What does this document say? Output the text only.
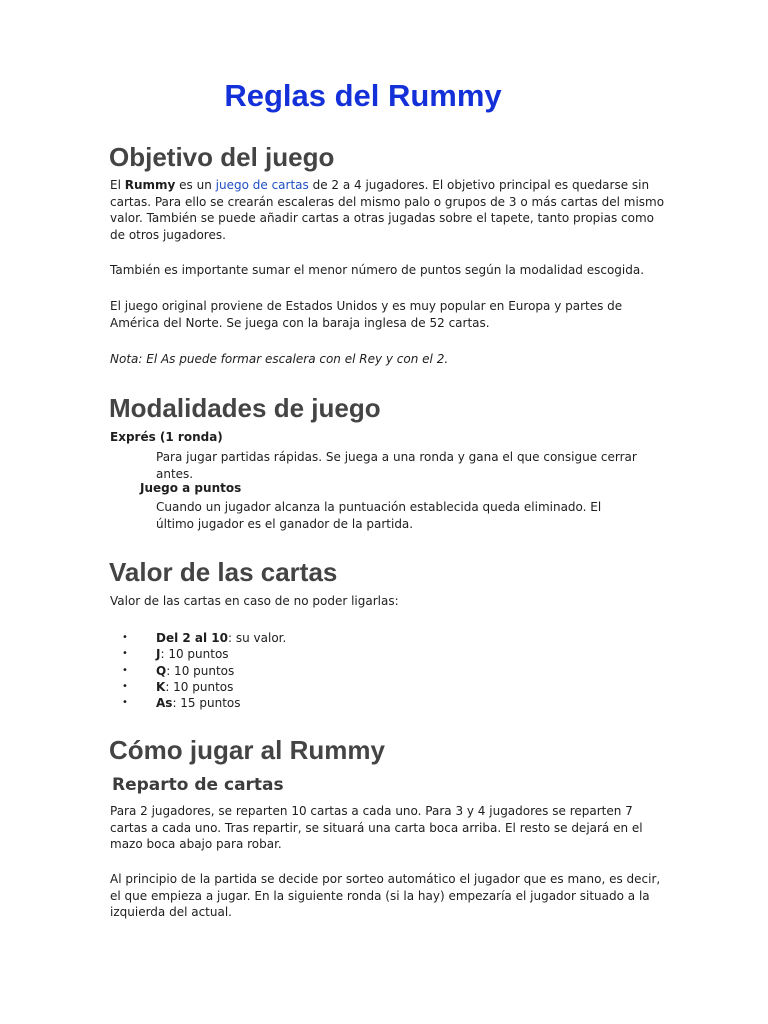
Reglas del Rummy
Objetivo del juego

El Rummy es un juego de cartas de 2 a 4 jugadores. El objetivo principal es quedarse sin cartas. Para ello se crearán escaleras del mismo palo o grupos de 3 o más cartas del mismo valor. También se puede añadir cartas a otras jugadas sobre el tapete, tanto propias como de otros jugadores.

También es importante sumar el menor número de puntos según la modalidad escogida.

El juego original proviene de Estados Unidos y es muy popular en Europa y partes de América del Norte. Se juega con la baraja inglesa de 52 cartas.

Nota: El As puede formar escalera con el Rey y con el 2.

Modalidades de juego
Exprés (1 ronda)

Para jugar partidas rápidas. Se juega a una ronda y gana el que consigue cerrar antes.

Juego a puntos

Cuando un jugador alcanza la puntuación establecida queda eliminado. El último jugador es el ganador de la partida.

Valor de las cartas

Valor de las cartas en caso de no poder ligarlas:

• Del 2 al 10: su valor.
• J: 10 puntos
• Q: 10 puntos
• K: 10 puntos
• As: 15 puntos
Cómo jugar al Rummy
Reparto de cartas

Para 2 jugadores, se reparten 10 cartas a cada uno. Para 3 y 4 jugadores se reparten 7 cartas a cada uno. Tras repartir, se situará una carta boca arriba. El resto se dejará en el mazo boca abajo para robar.

Al principio de la partida se decide por sorteo automático el jugador que es mano, es decir, el que empieza a jugar. En la siguiente ronda (si la hay) empezaría el jugador situado a la izquierda del actual.
